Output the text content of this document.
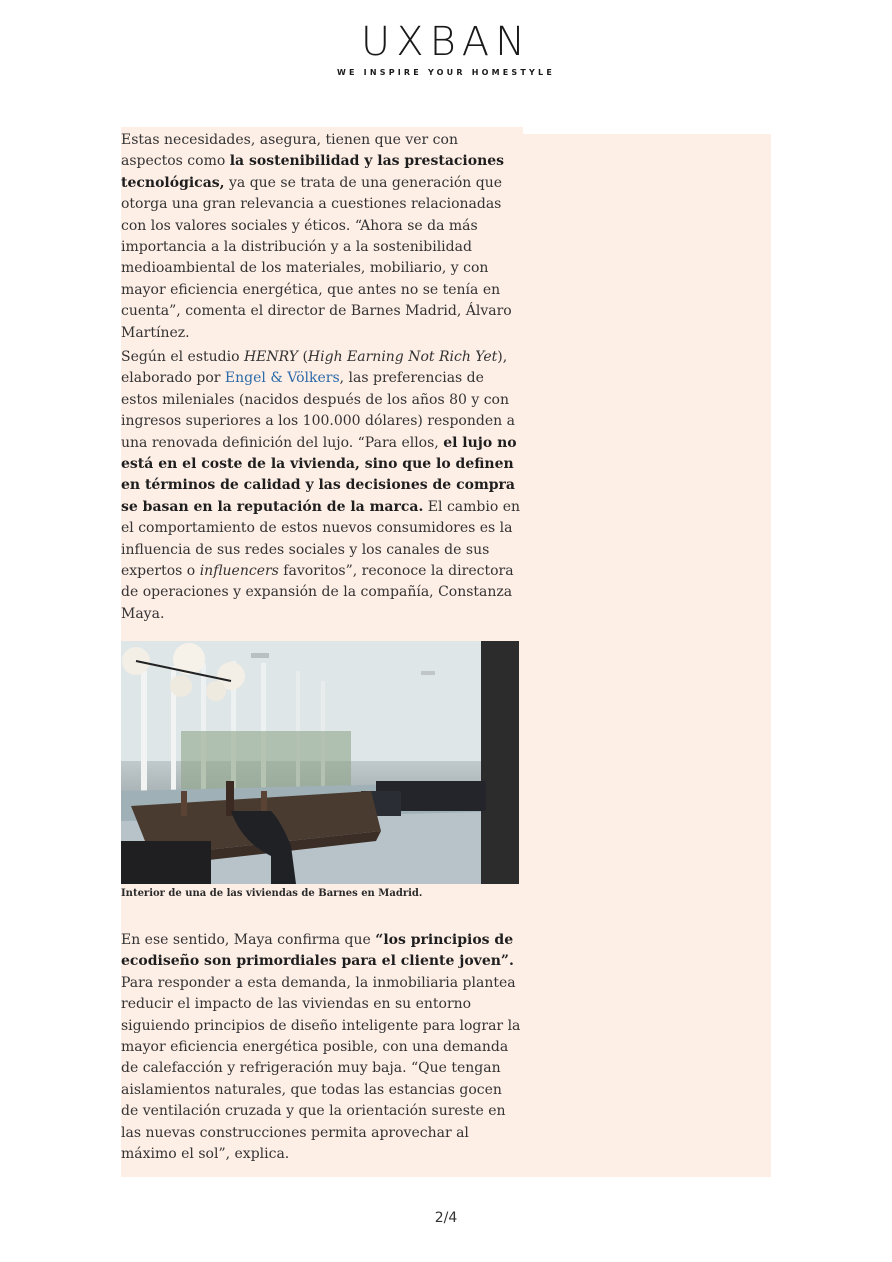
UXBAN
WE INSPIRE YOUR HOMESTYLE

Estas necesidades, asegura, tienen que ver con aspectos como la sostenibilidad y las prestaciones tecnológicas, ya que se trata de una generación que otorga una gran relevancia a cuestiones relacionadas con los valores sociales y éticos. “Ahora se da más importancia a la distribución y a la sostenibilidad medioambiental de los materiales, mobiliario, y con mayor eficiencia energética, que antes no se tenía en cuenta”, comenta el director de Barnes Madrid, Álvaro Martínez.

Según el estudio HENRY (High Earning Not Rich Yet), elaborado por Engel & Völkers, las preferencias de estos mileniales (nacidos después de los años 80 y con ingresos superiores a los 100.000 dólares) responden a una renovada definición del lujo. “Para ellos, el lujo no está en el coste de la vivienda, sino que lo definen en términos de calidad y las decisiones de compra se basan en la reputación de la marca. El cambio en el comportamiento de estos nuevos consumidores es la influencia de sus redes sociales y los canales de sus expertos o influencers favoritos”, reconoce la directora de operaciones y expansión de la compañía, Constanza Maya.

Interior de una de las viviendas de Barnes en Madrid.

En ese sentido, Maya confirma que “los principios de ecodiseño son primordiales para el cliente joven”. Para responder a esta demanda, la inmobiliaria plantea reducir el impacto de las viviendas en su entorno siguiendo principios de diseño inteligente para lograr la mayor eficiencia energética posible, con una demanda de calefacción y refrigeración muy baja. “Que tengan aislamientos naturales, que todas las estancias gocen de ventilación cruzada y que la orientación sureste en las nuevas construcciones permita aprovechar al máximo el sol”, explica.

2/4
